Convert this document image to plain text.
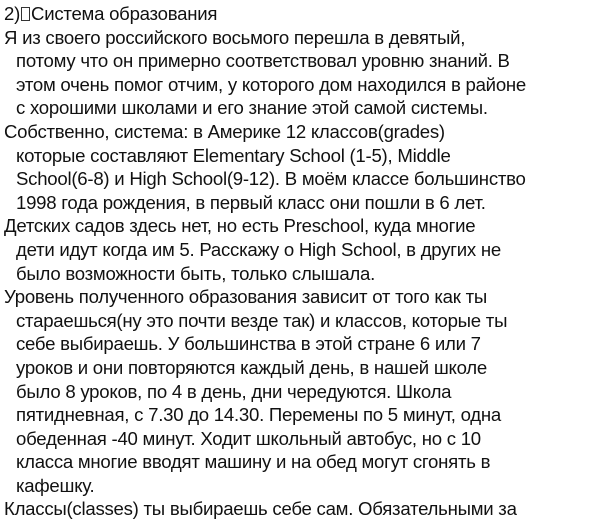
2) Система образования
Я из своего российского восьмого перешла в девятый,
потому что он примерно соответствовал уровню знаний. В
этом очень помог отчим, у которого дом находился в районе
с хорошими школами и его знание этой самой системы.
Собственно, система: в Америке 12 классов(grades)
которые составляют Elementary School (1-5), Middle
School(6-8) и High School(9-12). В моём классе большинство
1998 года рождения, в первый класс они пошли в 6 лет.
Детских садов здесь нет, но есть Preschool, куда многие
дети идут когда им 5. Расскажу о High School, в других не
было возможности быть, только слышала.
Уровень полученного образования зависит от того как ты
стараешься(ну это почти везде так) и классов, которые ты
себе выбираешь. У большинства в этой стране 6 или 7
уроков и они повторяются каждый день, в нашей школе
было 8 уроков, по 4 в день, дни чередуются. Школа
пятидневная, с 7.30 до 14.30. Перемены по 5 минут, одна
обеденная -40 минут. Ходит школьный автобус, но с 10
класса многие вводят машину и на обед могут сгонять в
кафешку.
Классы(classes) ты выбираешь себе сам. Обязательными за
